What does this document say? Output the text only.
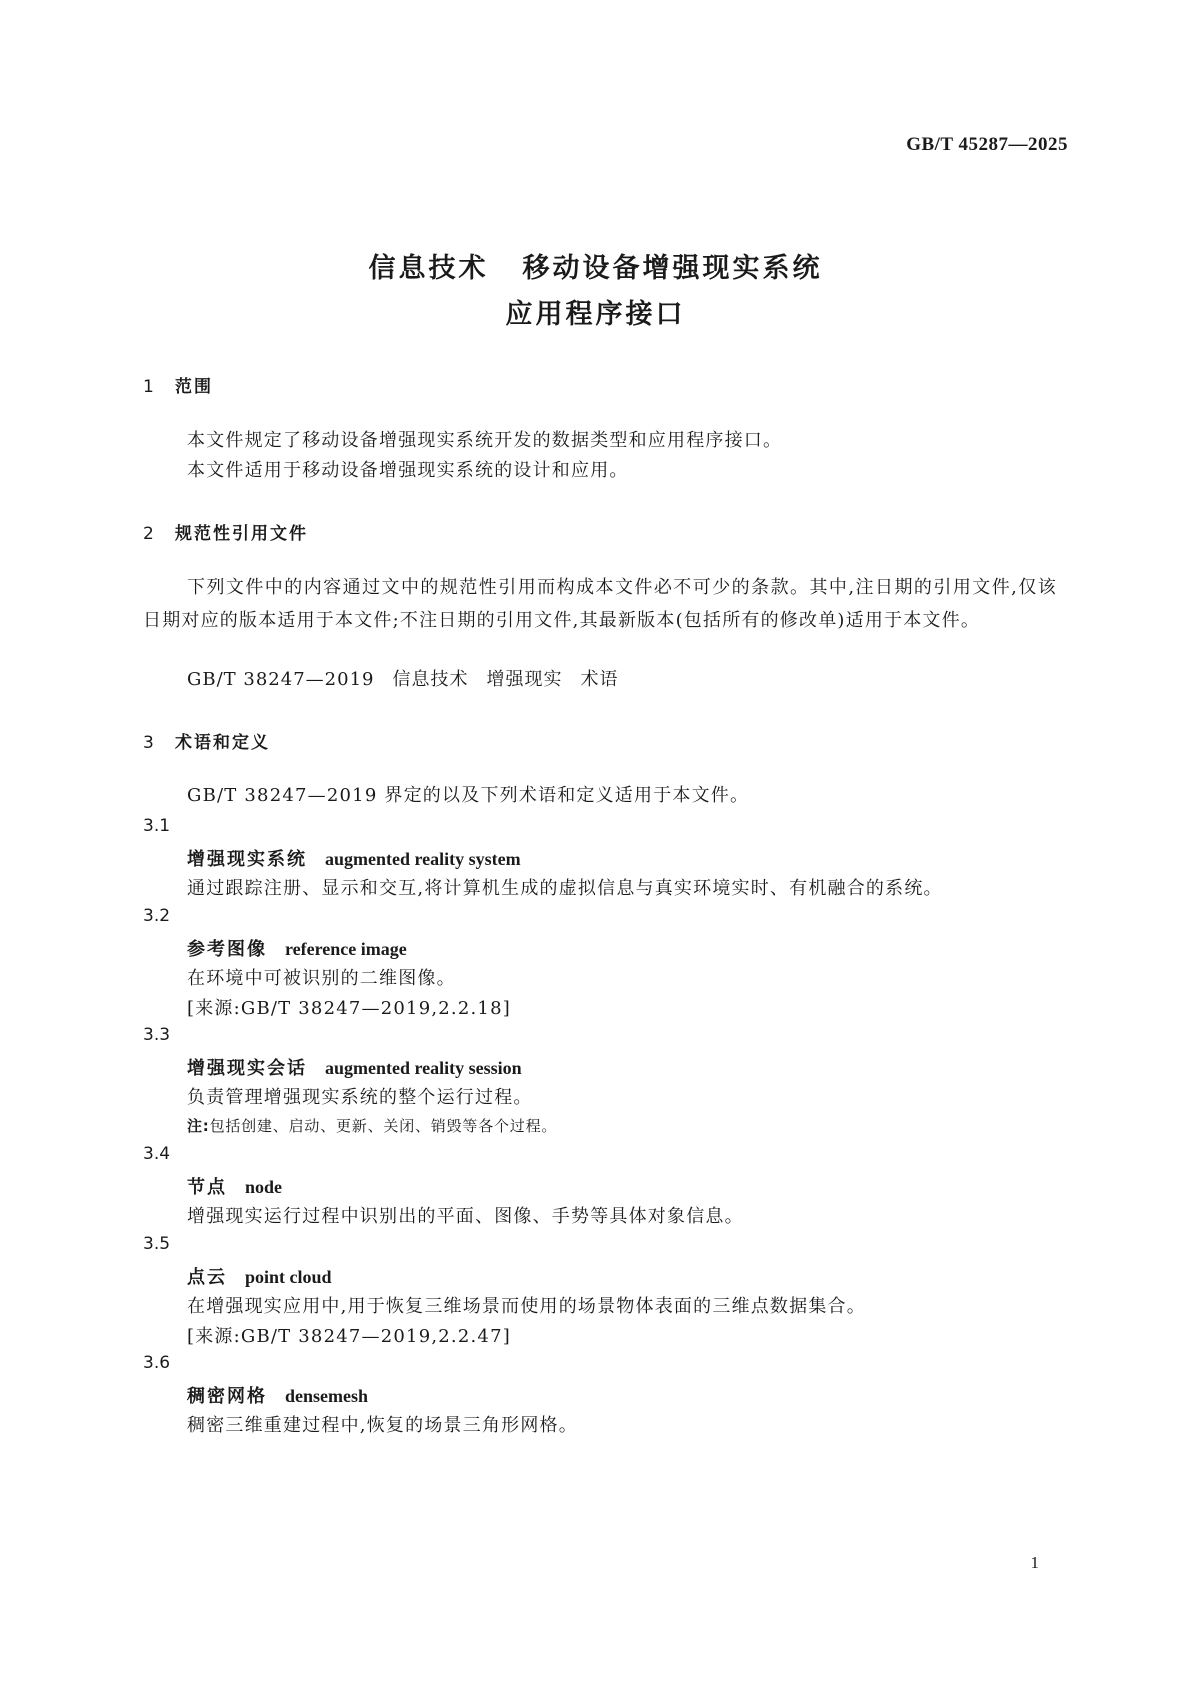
GB/T 45287—2025
信息技术 移动设备增强现实系统
应用程序接口
1 范围
本文件规定了移动设备增强现实系统开发的数据类型和应用程序接口。
本文件适用于移动设备增强现实系统的设计和应用。
2 规范性引用文件
下列文件中的内容通过文中的规范性引用而构成本文件必不可少的条款。其中,注日期的引用文件,仅该日期对应的版本适用于本文件;不注日期的引用文件,其最新版本(包括所有的修改单)适用于本文件。
GB/T 38247—2019 信息技术 增强现实 术语
3 术语和定义
GB/T 38247—2019 界定的以及下列术语和定义适用于本文件。
3.1
增强现实系统 augmented reality system
通过跟踪注册、显示和交互,将计算机生成的虚拟信息与真实环境实时、有机融合的系统。
3.2
参考图像 reference image
在环境中可被识别的二维图像。
[来源:GB/T 38247—2019,2.2.18]
3.3
增强现实会话 augmented reality session
负责管理增强现实系统的整个运行过程。
注:包括创建、启动、更新、关闭、销毁等各个过程。
3.4
节点 node
增强现实运行过程中识别出的平面、图像、手势等具体对象信息。
3.5
点云 point cloud
在增强现实应用中,用于恢复三维场景而使用的场景物体表面的三维点数据集合。
[来源:GB/T 38247—2019,2.2.47]
3.6
稠密网格 densemesh
稠密三维重建过程中,恢复的场景三角形网格。
1
